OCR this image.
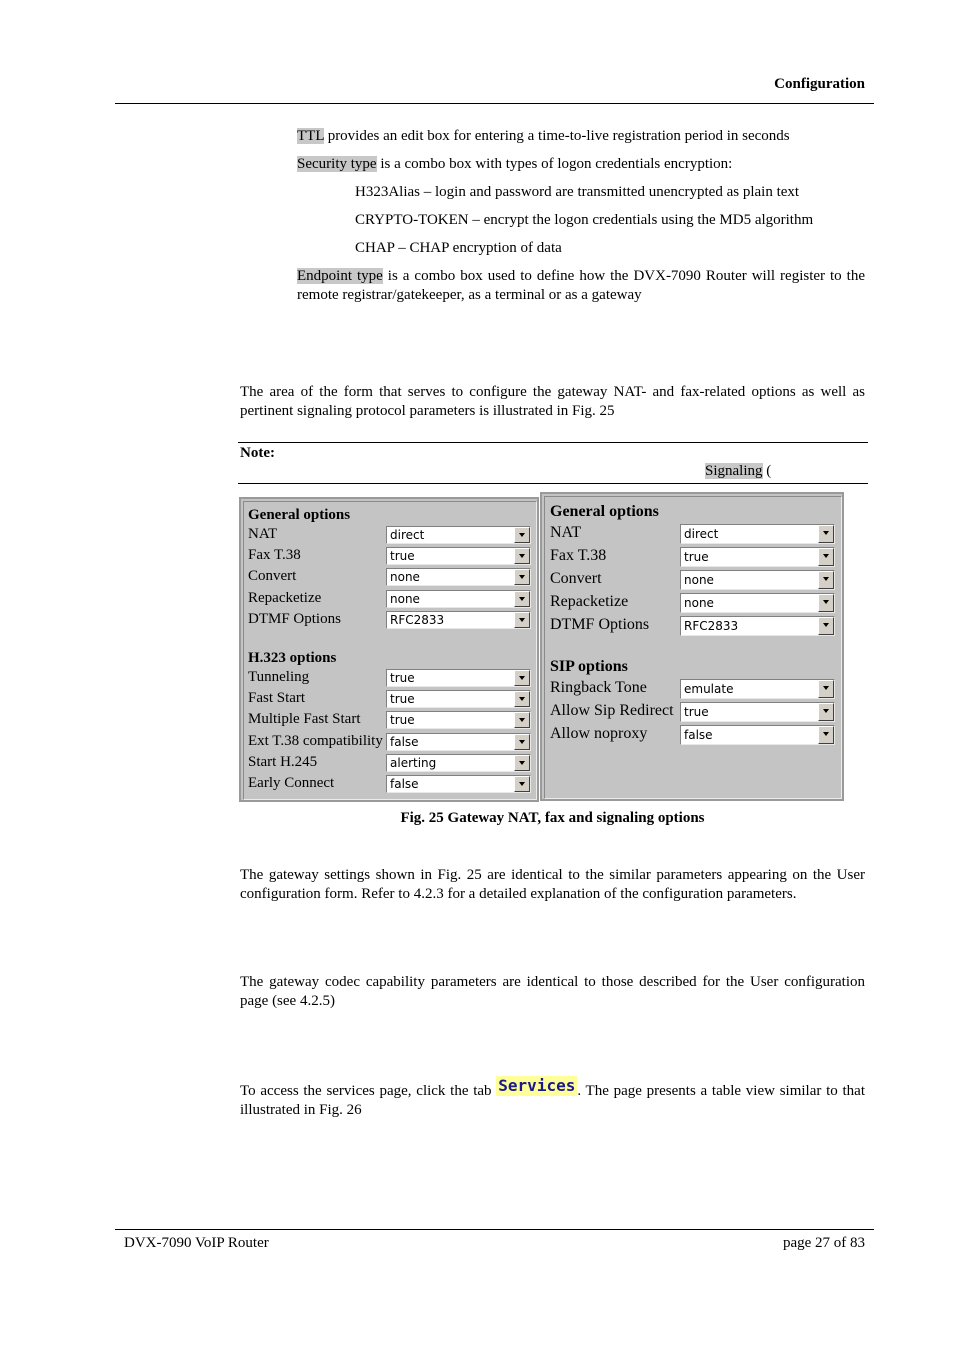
Configuration
TTL provides an edit box for entering a time-to-live registration period in seconds
Security type is a combo box with types of logon credentials encryption:
H323Alias – login and password are transmitted unencrypted as plain text
CRYPTO-TOKEN – encrypt the logon credentials using the MD5 algorithm
CHAP – CHAP encryption of data
Endpoint type is a combo box used to define how the DVX-7090 Router will register to the remote registrar/gatekeeper, as a terminal or as a gateway
The area of the form that serves to configure the gateway NAT- and fax-related options as well as pertinent signaling protocol parameters is illustrated in Fig. 25
Note:
Signaling (
General options
NAT	direct
Fax T.38	true
Convert	none
Repacketize	none
DTMF Options	RFC2833
H.323 options
Tunneling	true
Fast Start	true
Multiple Fast Start true
Ext T.38 compatibility false
Start H.245	alerting
Early Connect	false
General options
NAT	direct
Fax T.38	true
Convert	none
Repacketize	none
DTMF Options	RFC2833
SIP options
Ringback Tone	emulate
Allow Sip Redirect true
Allow noproxy	false
Fig. 25 Gateway NAT, fax and signaling options
The gateway settings shown in Fig. 25 are identical to the similar parameters appearing on the User configuration form. Refer to 4.2.3 for a detailed explanation of the configuration parameters.
The gateway codec capability parameters are identical to those described for the User configuration page (see 4.2.5)
To access the services page, click the tab Services . The page presents a table view similar to that illustrated in Fig. 26
DVX-7090 VoIP Router	page 27 of 83
